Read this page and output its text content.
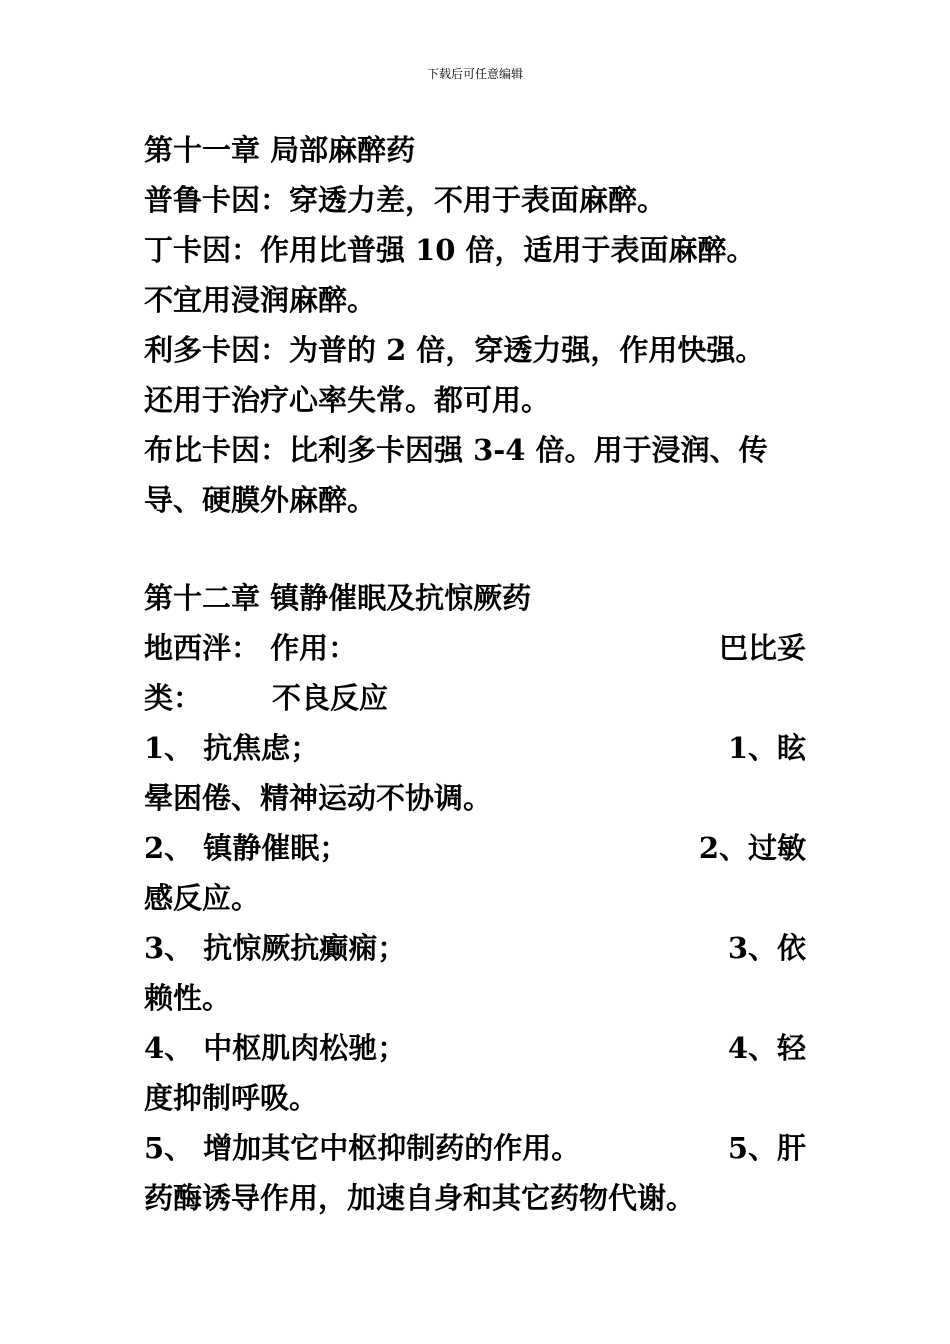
下载后可任意编辑
第十一章 局部麻醉药
普鲁卡因：穿透力差，不用于表面麻醉。
丁卡因：作用比普强 10 倍，适用于表面麻醉。
不宜用浸润麻醉。
利多卡因：为普的 2 倍，穿透力强，作用快强。
还用于治疗心率失常。都可用。
布比卡因：比利多卡因强 3-4 倍。用于浸润、传
导、硬膜外麻醉。
第十二章 镇静催眠及抗惊厥药
地西泮： 作用：	巴比妥
类： 不良反应
1、 抗焦虑；	1、眩
晕困倦、精神运动不协调。
2、 镇静催眠；	2、过敏
感反应。
3、 抗惊厥抗癫痫；	3、依
赖性。
4、 中枢肌肉松驰；	4、轻
度抑制呼吸。
5、 增加其它中枢抑制药的作用。	5、肝
药酶诱导作用，加速自身和其它药物代谢。
